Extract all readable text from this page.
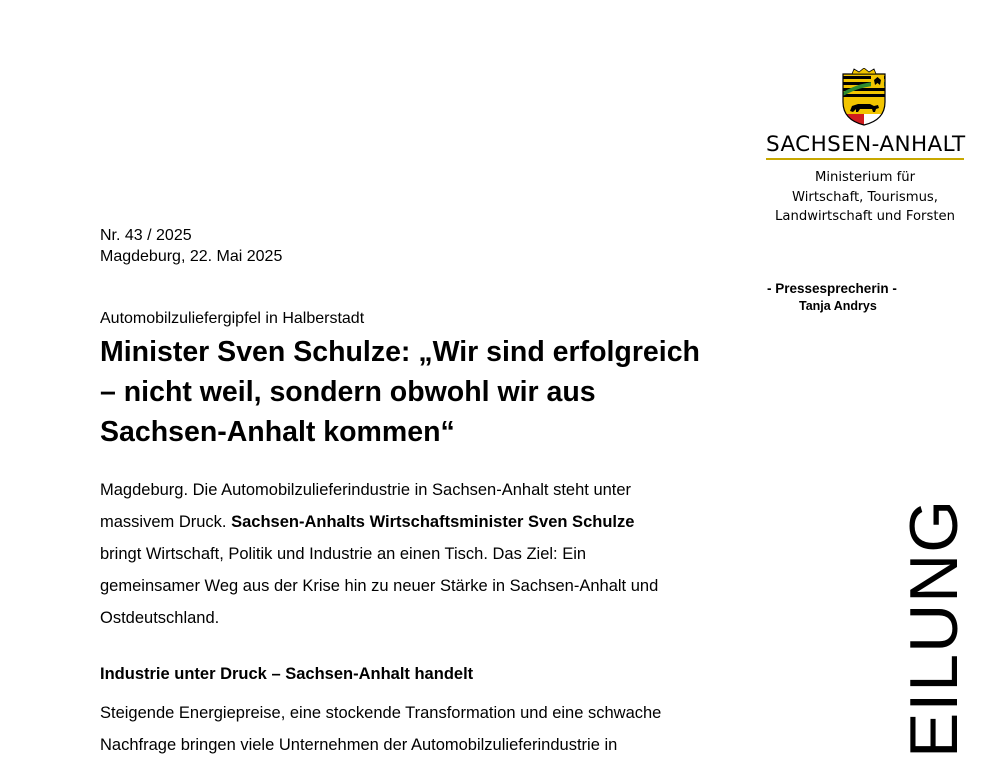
SACHSEN-ANHALT
Ministerium für
Wirtschaft, Tourismus,
Landwirtschaft und Forsten
- Pressesprecherin -
Tanja Andrys
EILUNG
Nr. 43 / 2025
Magdeburg, 22. Mai 2025
Automobilzuliefergipfel in Halberstadt
Minister Sven Schulze: „Wir sind erfolgreich
– nicht weil, sondern obwohl wir aus
Sachsen-Anhalt kommen“
Magdeburg. Die Automobilzulieferindustrie in Sachsen-Anhalt steht unter
massivem Druck. Sachsen-Anhalts Wirtschaftsminister Sven Schulze
bringt Wirtschaft, Politik und Industrie an einen Tisch. Das Ziel: Ein
gemeinsamer Weg aus der Krise hin zu neuer Stärke in Sachsen-Anhalt und
Ostdeutschland.
Industrie unter Druck – Sachsen-Anhalt handelt
Steigende Energiepreise, eine stockende Transformation und eine schwache
Nachfrage bringen viele Unternehmen der Automobilzulieferindustrie in
